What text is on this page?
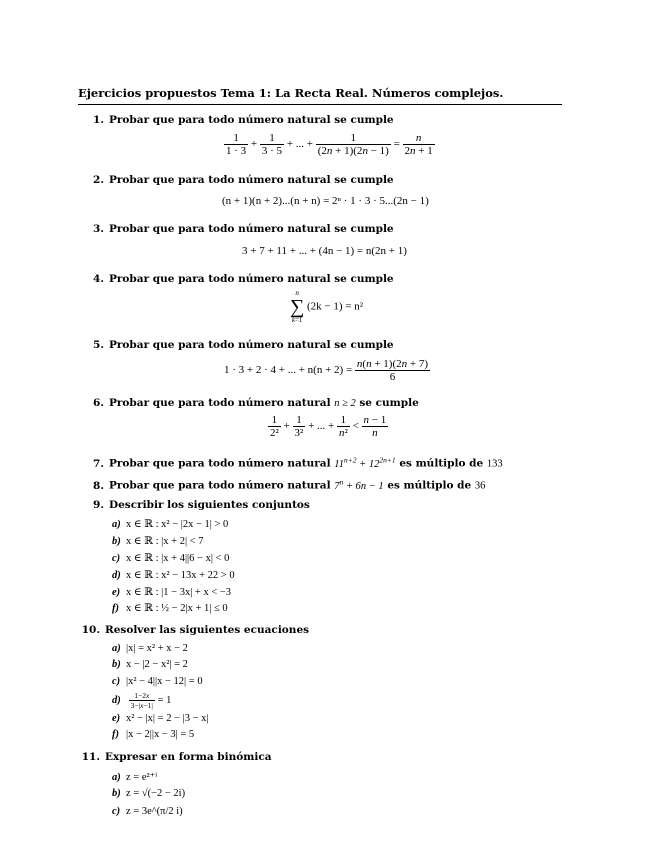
Ejercicios propuestos Tema 1: La Recta Real. Números complejos.
1. Probar que para todo número natural se cumple
$\frac{1}{1 \cdot 3} + \frac{1}{3 \cdot 5}$ + ... + $\frac{1}{(2n + 1)(2n - 1)} = \frac{n}{2n + 1}$
2. Probar que para todo número natural se cumple
(n + 1)(n + 2)...(n + n) = 2ⁿ · 1 · 3 · 5...(2n − 1)
3. Probar que para todo número natural se cumple
3 + 7 + 11 + ... + (4n − 1) = n(2n + 1)
4. Probar que para todo número natural se cumple
n
∑
k=1
(2k − 1) = n²
5. Probar que para todo número natural se cumple
1 · 3 + 2 · 4 + ... + $n(n + 2) = \frac{n(n + 1)(2n + 7)}{6}$
6. Probar que para todo número natural n ≥ 2 se cumple
$\frac{1}{\text{2²}} + \frac{1}{\text{3²}}$ + ... + $\frac{1}{\text{n²}} < \frac{n - 1}{n}$
7. Probar que para todo número natural $11^{n+2} + 12^{2n+1}$ es múltiplo de 133
8. Probar que para todo número natural $7^n + 6n - 1$ es múltiplo de 36
9. Describir los siguientes conjuntos
a) x ∈ ℝ : x² − |2x − 1| > 0
b) x ∈ ℝ : |x + 2| < 7
c) x ∈ ℝ : |x + 4||6 − x| < 0
d) x ∈ ℝ : x² − 13x + 22 > 0
e) x ∈ ℝ : |1 − 3x| + x < −3
f) x ∈ ℝ : ½ − 2|x + 1| ≤ 0
10. Resolver las siguientes ecuaciones
a) |x| = x² + x − 2
b) x − |2 − x²| = 2
c) |x² − 4||x − 12| = 0
$d) \frac{1-2x}{3-|x-1|} = 1$
e) x² − |x| = 2 − |3 − x|
f) |x − 2||x − 3| = 5
11. Expresar en forma binómica
a) z = e²⁺ⁱ
b) z = √(−2 − 2i)
c) z = 3e^(π/2 i)
